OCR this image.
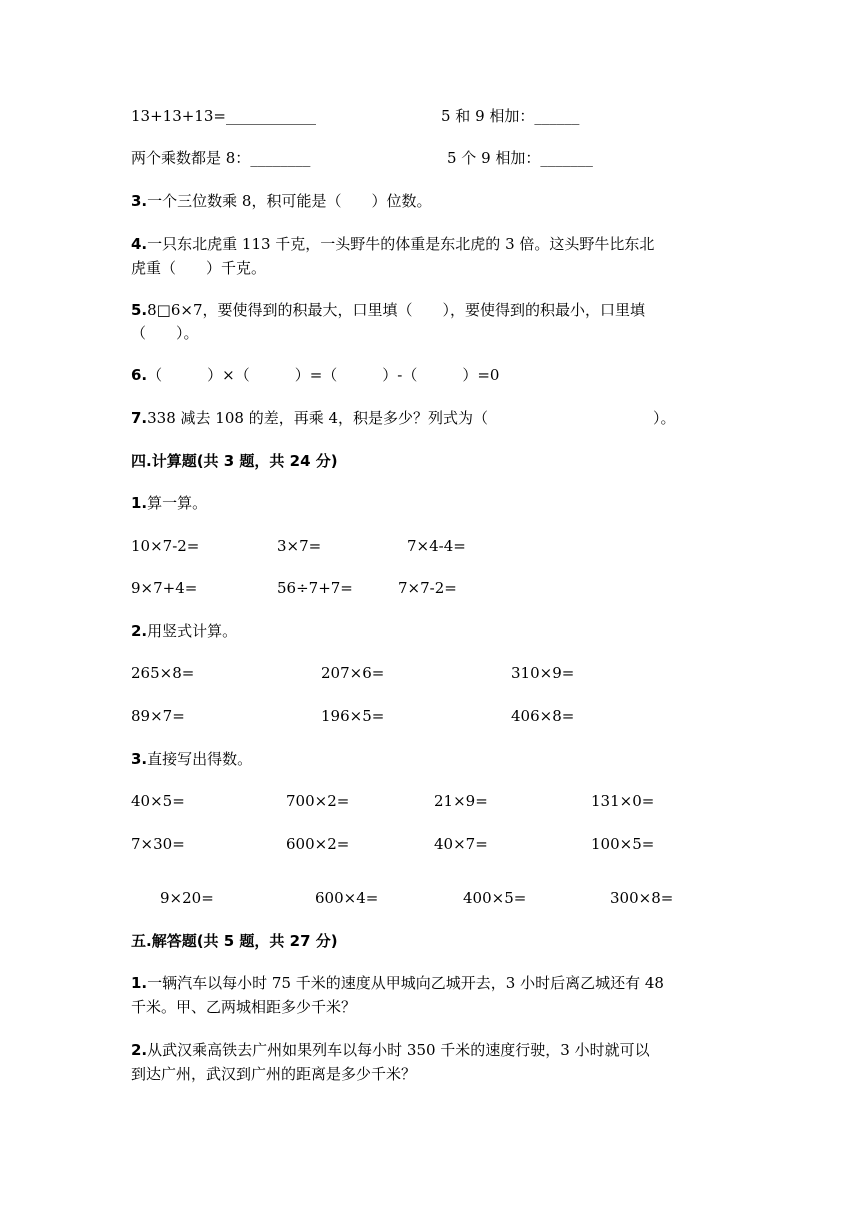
13+13+13=____________	5 和 9 相加：______
两个乘数都是 8：________	5 个 9 相加：_______
3.一个三位数乘 8，积可能是（　　）位数。
4.一只东北虎重 113 千克，一头野牛的体重是东北虎的 3 倍。这头野牛比东北
虎重（　　）千克。
5.8□6×7，要使得到的积最大，口里填（　　），要使得到的积最小，口里填
（　　）。
6.（　　　）×（　　　）=（　　　）-（　　　）=0
7.338 减去 108 的差，再乘 4，积是多少？列式为（　　　　　　　　　　　）。
四.计算题(共 3 题，共 24 分)
1.算一算。
10×7-2=	3×7=	7×4-4=
9×7+4=	56÷7+7=	7×7-2=
2.用竖式计算。
265×8=	207×6=	310×9=
89×7=	196×5=	406×8=
3.直接写出得数。
40×5=	700×2=	21×9=	131×0=
7×30=	600×2=	40×7=	100×5=
9×20=	600×4=	400×5=	300×8=
五.解答题(共 5 题，共 27 分)
1.一辆汽车以每小时 75 千米的速度从甲城向乙城开去，3 小时后离乙城还有 48
千米。甲、乙两城相距多少千米？
2.从武汉乘高铁去广州如果列车以每小时 350 千米的速度行驶，3 小时就可以
到达广州，武汉到广州的距离是多少千米？
